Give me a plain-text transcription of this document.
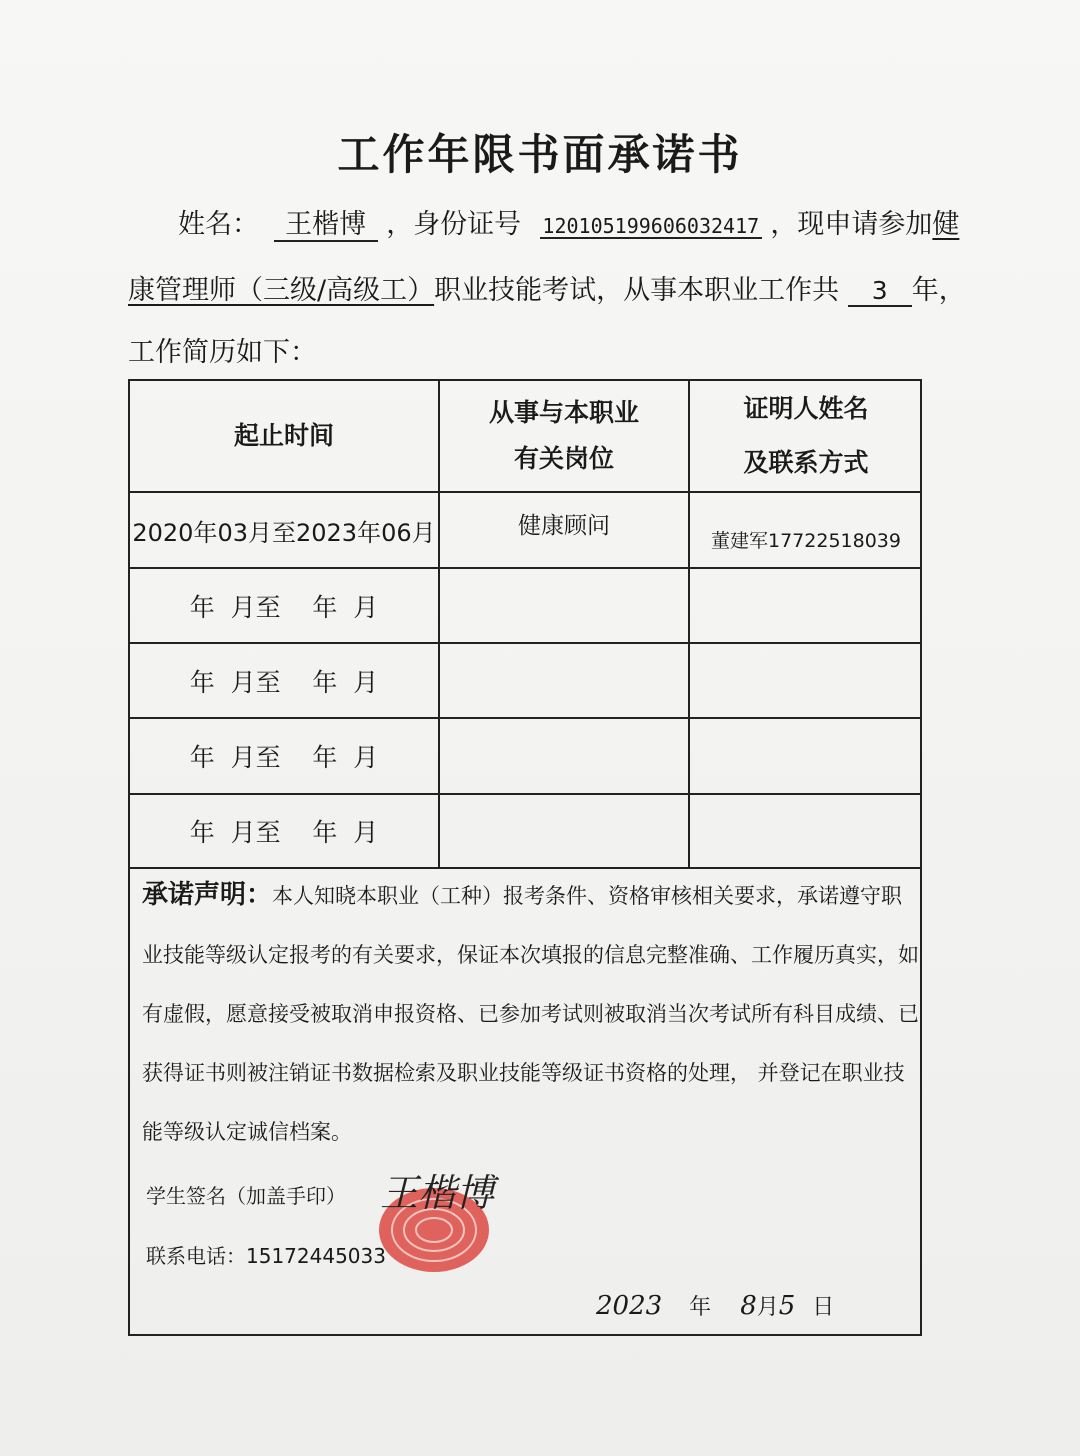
工作年限书面承诺书
姓名： 王楷博 ，身份证号 120105199606032417 ，现申请参加健
康管理师（三级/高级工）职业技能考试，从事本职业工作共 3 年，
工作简历如下：
起止时间
从事与本职业
有关岗位
证明人姓名
及联系方式
2020年03月至2023年06月	健康顾问
董建军17722518039
年  月至    年  月
年  月至    年  月
年  月至    年  月
年  月至    年  月
承诺声明：本人知晓本职业（工种）报考条件、资格审核相关要求，承诺遵守职业技能等级认定报考的有关要求，保证本次填报的信息完整准确、工作履历真实，如有虚假，愿意接受被取消申报资格、已参加考试则被取消当次考试所有科目成绩、已获得证书则被注销证书数据检索及职业技能等级证书资格的处理， 并登记在职业技能等级认定诚信档案。
学生签名（加盖手印） 王楷博
联系电话：15172445033
2023 年 8月5 日
